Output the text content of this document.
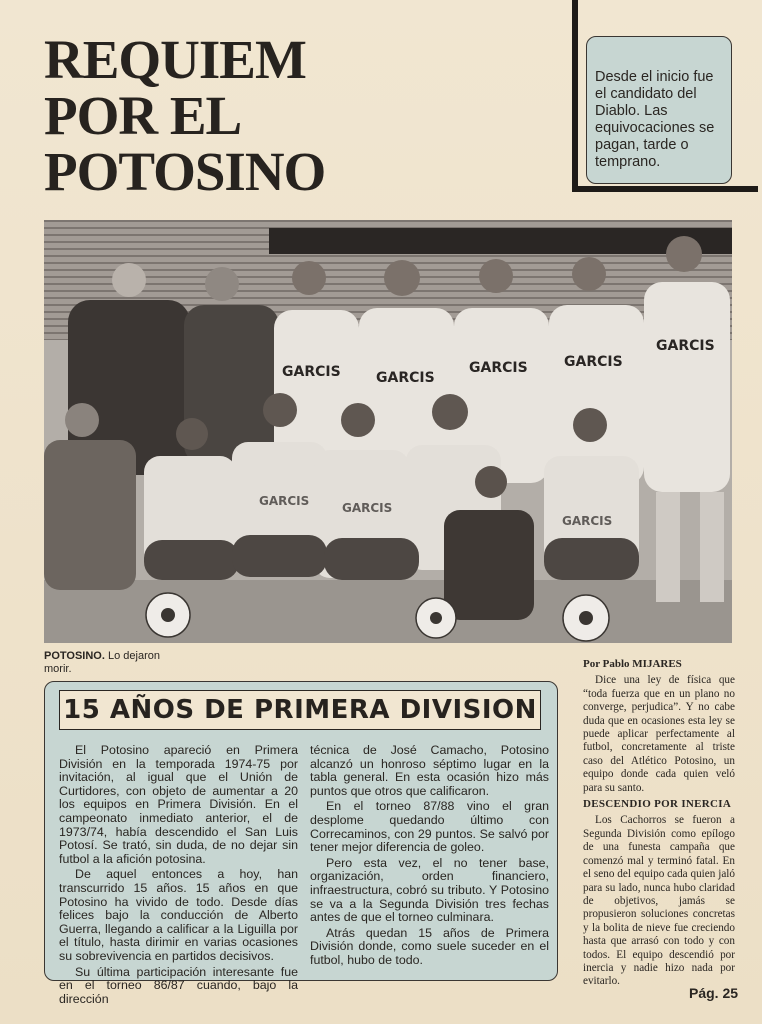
REQUIEM
POR EL
POTOSINO
Desde el inicio fue el candidato del Diablo. Las equivocaciones se pagan, tarde o temprano.
GARCIS	GARCIS
GARCIS	GARCIS
GARCIS
GARCIS	GARCIS
GARCIS
POTOSINO. Lo dejaron morir.
15 AÑOS DE PRIMERA DIVISION

El Potosino apareció en Primera División en la temporada 1974-75 por invitación, al igual que el Unión de Curtidores, con objeto de aumentar a 20 los equipos en Primera División. En el campeonato inmediato anterior, el de 1973/74, había descendido el San Luis Potosí. Se trató, sin duda, de no dejar sin futbol a la afición potosina.

De aquel entonces a hoy, han transcurrido 15 años. 15 años en que Potosino ha vivido de todo. Desde días felices bajo la conducción de Alberto Guerra, llegando a calificar a la Liguilla por el título, hasta dirimir en varias ocasiones su sobrevivencia en partidos decisivos.

Su última participación interesante fue en el torneo 86/87 cuando, bajo la dirección

técnica de José Camacho, Potosino alcanzó un honroso séptimo lugar en la tabla general. En esta ocasión hizo más puntos que otros que calificaron.

En el torneo 87/88 vino el gran desplome quedando último con Correcaminos, con 29 puntos. Se salvó por tener mejor diferencia de goleo.

Pero esta vez, el no tener base, organización, orden financiero, infraestructura, cobró su tributo. Y Potosino se va a la Segunda División tres fechas antes de que el torneo culminara.

Atrás quedan 15 años de Primera División donde, como suele suceder en el futbol, hubo de todo.

Por Pablo MIJARES

Dice una ley de física que “toda fuerza que en un plano no converge, perjudica”. Y no cabe duda que en ocasiones esta ley se puede aplicar perfectamente al futbol, concretamente al triste caso del Atlético Potosino, un equipo donde cada quien veló para su santo.

DESCENDIO POR INERCIA

Los Cachorros se fueron a Segunda División como epílogo de una funesta campaña que comenzó mal y terminó fatal. En el seno del equipo cada quien jaló para su lado, nunca hubo claridad de objetivos, jamás se propusieron soluciones concretas y la bolita de nieve fue creciendo hasta que arrasó con todo y con todos. El equipo descendió por inercia y nadie hizo nada por evitarlo.

Pág. 25
